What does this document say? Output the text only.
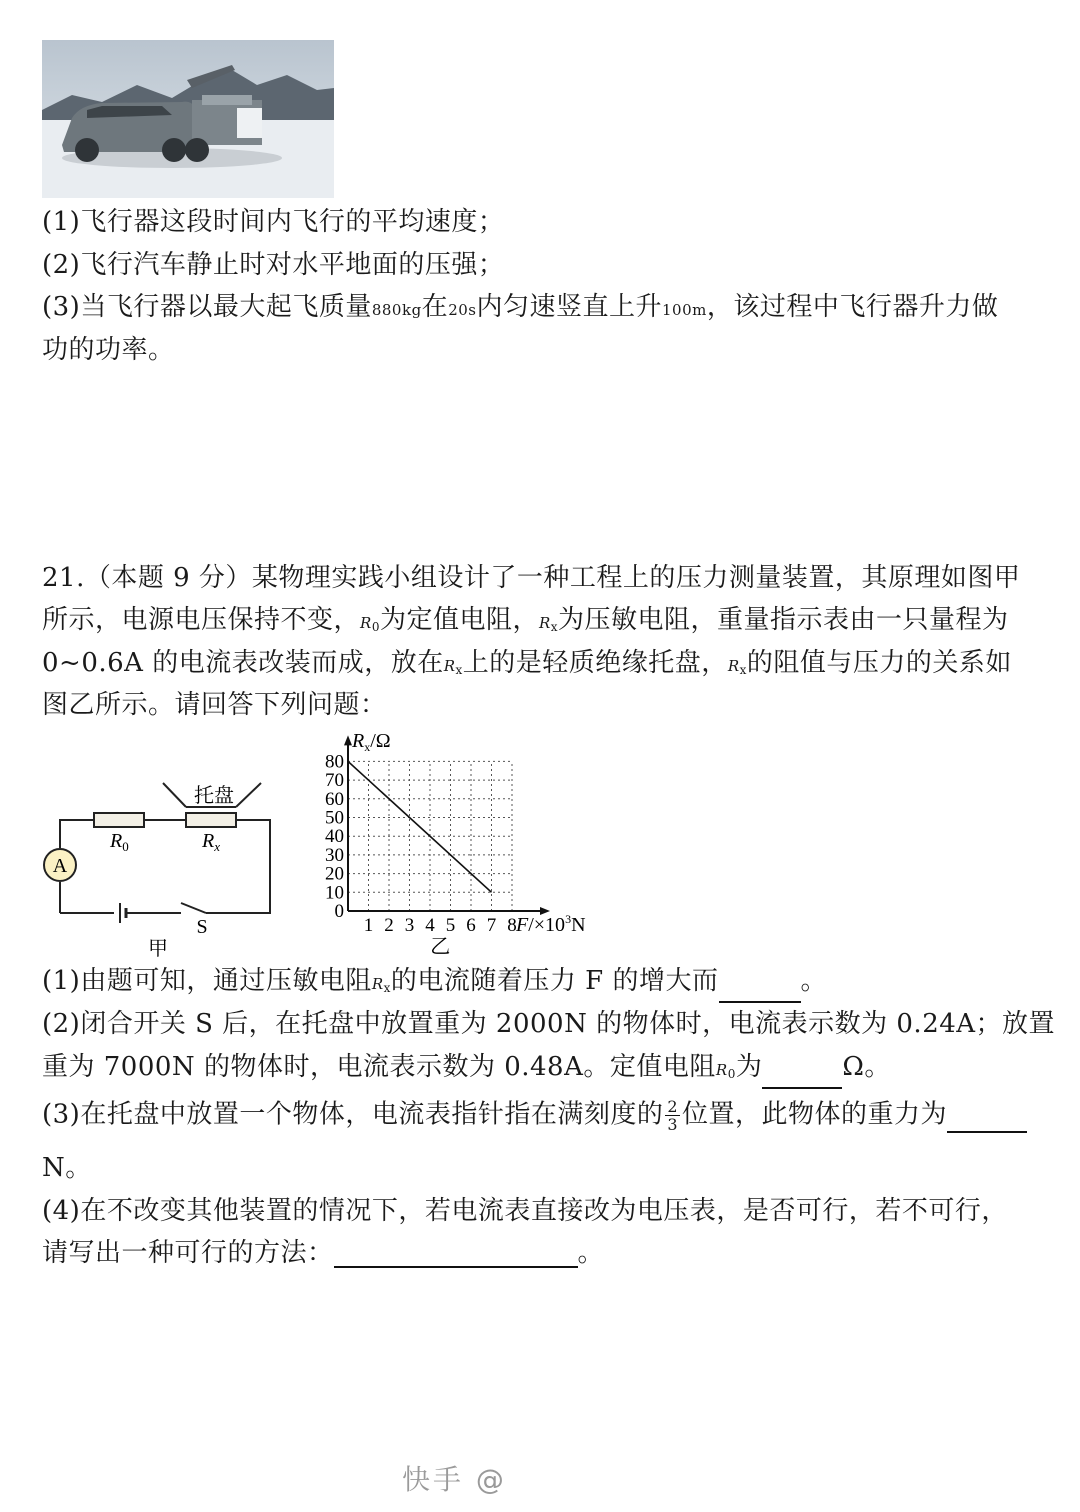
(1)飞行器这段时间内飞行的平均速度；
(2)飞行汽车静止时对水平地面的压强；
(3)当飞行器以最大起飞质量880kg在20s内匀速竖直上升100m，该过程中飞行器升力做
功的功率。
21.（本题 9 分）某物理实践小组设计了一种工程上的压力测量装置，其原理如图甲
所示，电源电压保持不变，$R_0$为定值电阻，$R_x$为压敏电阻，重量指示表由一只量程为
0~0.6A 的电流表改装而成，放在$R_x$上的是轻质绝缘托盘，$R_x$的阻值与压力的关系如
图乙所示。请回答下列问题：
A
托盘
$R_0$	$R_x$
S
甲
1 2 3 4 5 6 7 8
0
10
20
30
40
50
60
70
80
$R_x/\Omega$
$F/\times 10^3N$
乙
(1)由题可知，通过压敏电阻$R_x$的电流随着压力 F 的增大而	。
(2)闭合开关 S 后，在托盘中放置重为 2000N 的物体时，电流表示数为 0.24A；放置
重为 7000N 的物体时，电流表示数为 0.48A。定值电阻$R_0$为	Ω。
(3)在托盘中放置一个物体，电流表指针指在满刻度的 $\frac{2}{3}$ 位置，此物体的重力为
N。
(4)在不改变其他装置的情况下，若电流表直接改为电压表，是否可行，若不可行，
请写出一种可行的方法：	。
快手 @
